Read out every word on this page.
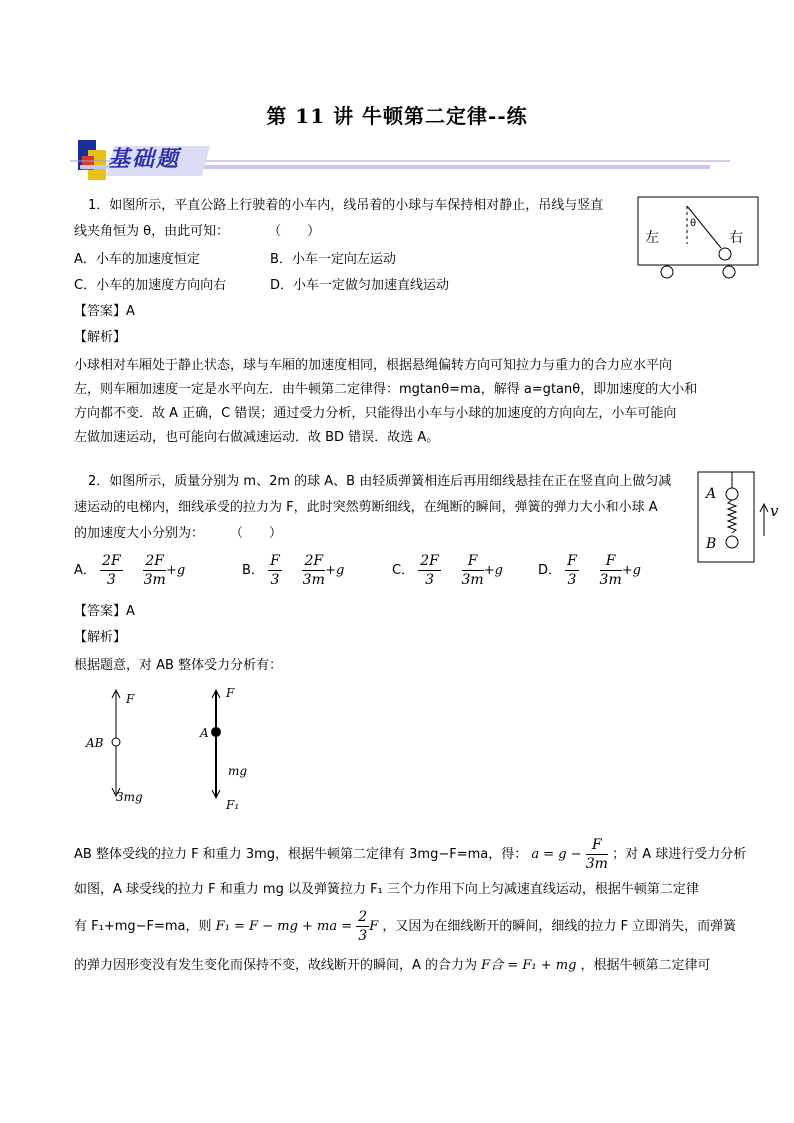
第 11 讲 牛顿第二定律--练
基础题
1．如图所示，平直公路上行驶着的小车内，线吊着的小球与车保持相对静止，吊线与竖直
线夹角恒为 θ，由此可知：　　　　（　　）
A．小车的加速度恒定	B．小车一定向左运动
C．小车的加速度方向向右	D．小车一定做匀加速直线运动
【答案】A
【解析】
小球相对车厢处于静止状态，球与车厢的加速度相同，根据悬绳偏转方向可知拉力与重力的合力应水平向
左，则车厢加速度一定是水平向左．由牛顿第二定律得：mgtanθ=ma，解得 a=gtanθ，即加速度的大小和
方向都不变．故 A 正确，C 错误；通过受力分析，只能得出小车与小球的加速度的方向向左，小车可能向
左做加速运动，也可能向右做减速运动．故 BD 错误．故选 A。
左	右
θ
2．如图所示，质量分别为 m、2m 的球 A、B 由轻质弹簧相连后再用细线悬挂在正在竖直向上做匀减
速运动的电梯内，细线承受的拉力为 F，此时突然剪断细线，在绳断的瞬间，弹簧的弹力大小和小球 A
的加速度大小分别为：　　　（　　）
A． $\frac{2F}{3}$
$\frac{2F}{3m} +g$	B． $\frac{F}{3}$
$\frac{2F}{3m} +g$	C． $\frac{2F}{3}$
$\frac{F}{3m} +g$	D． $\frac{F}{3}$
$\frac{F}{3m} +g$
A
B
v
【答案】A
【解析】
根据题意，对 AB 整体受力分析有：
F
AB
3mg
F
A
mg
F₁
AB 整体受线的拉力 F 和重力 3mg，根据牛顿第二定律有 3mg−F=ma，得： $a = g - \frac{F}{3m}$ ；对 A 球进行受力分析
如图，A 球受线的拉力 F 和重力 mg 以及弹簧拉力 F₁ 三个力作用下向上匀减速直线运动，根据牛顿第二定律
有 F₁+mg−F=ma，则 F₁ = F − mg + ma = $\frac{2}{3}$ F ，又因为在细线断开的瞬间，细线的拉力 F 立即消失，而弹簧
的弹力因形变没有发生变化而保持不变，故线断开的瞬间，A 的合力为 F合 = F₁ + mg ，根据牛顿第二定律可
